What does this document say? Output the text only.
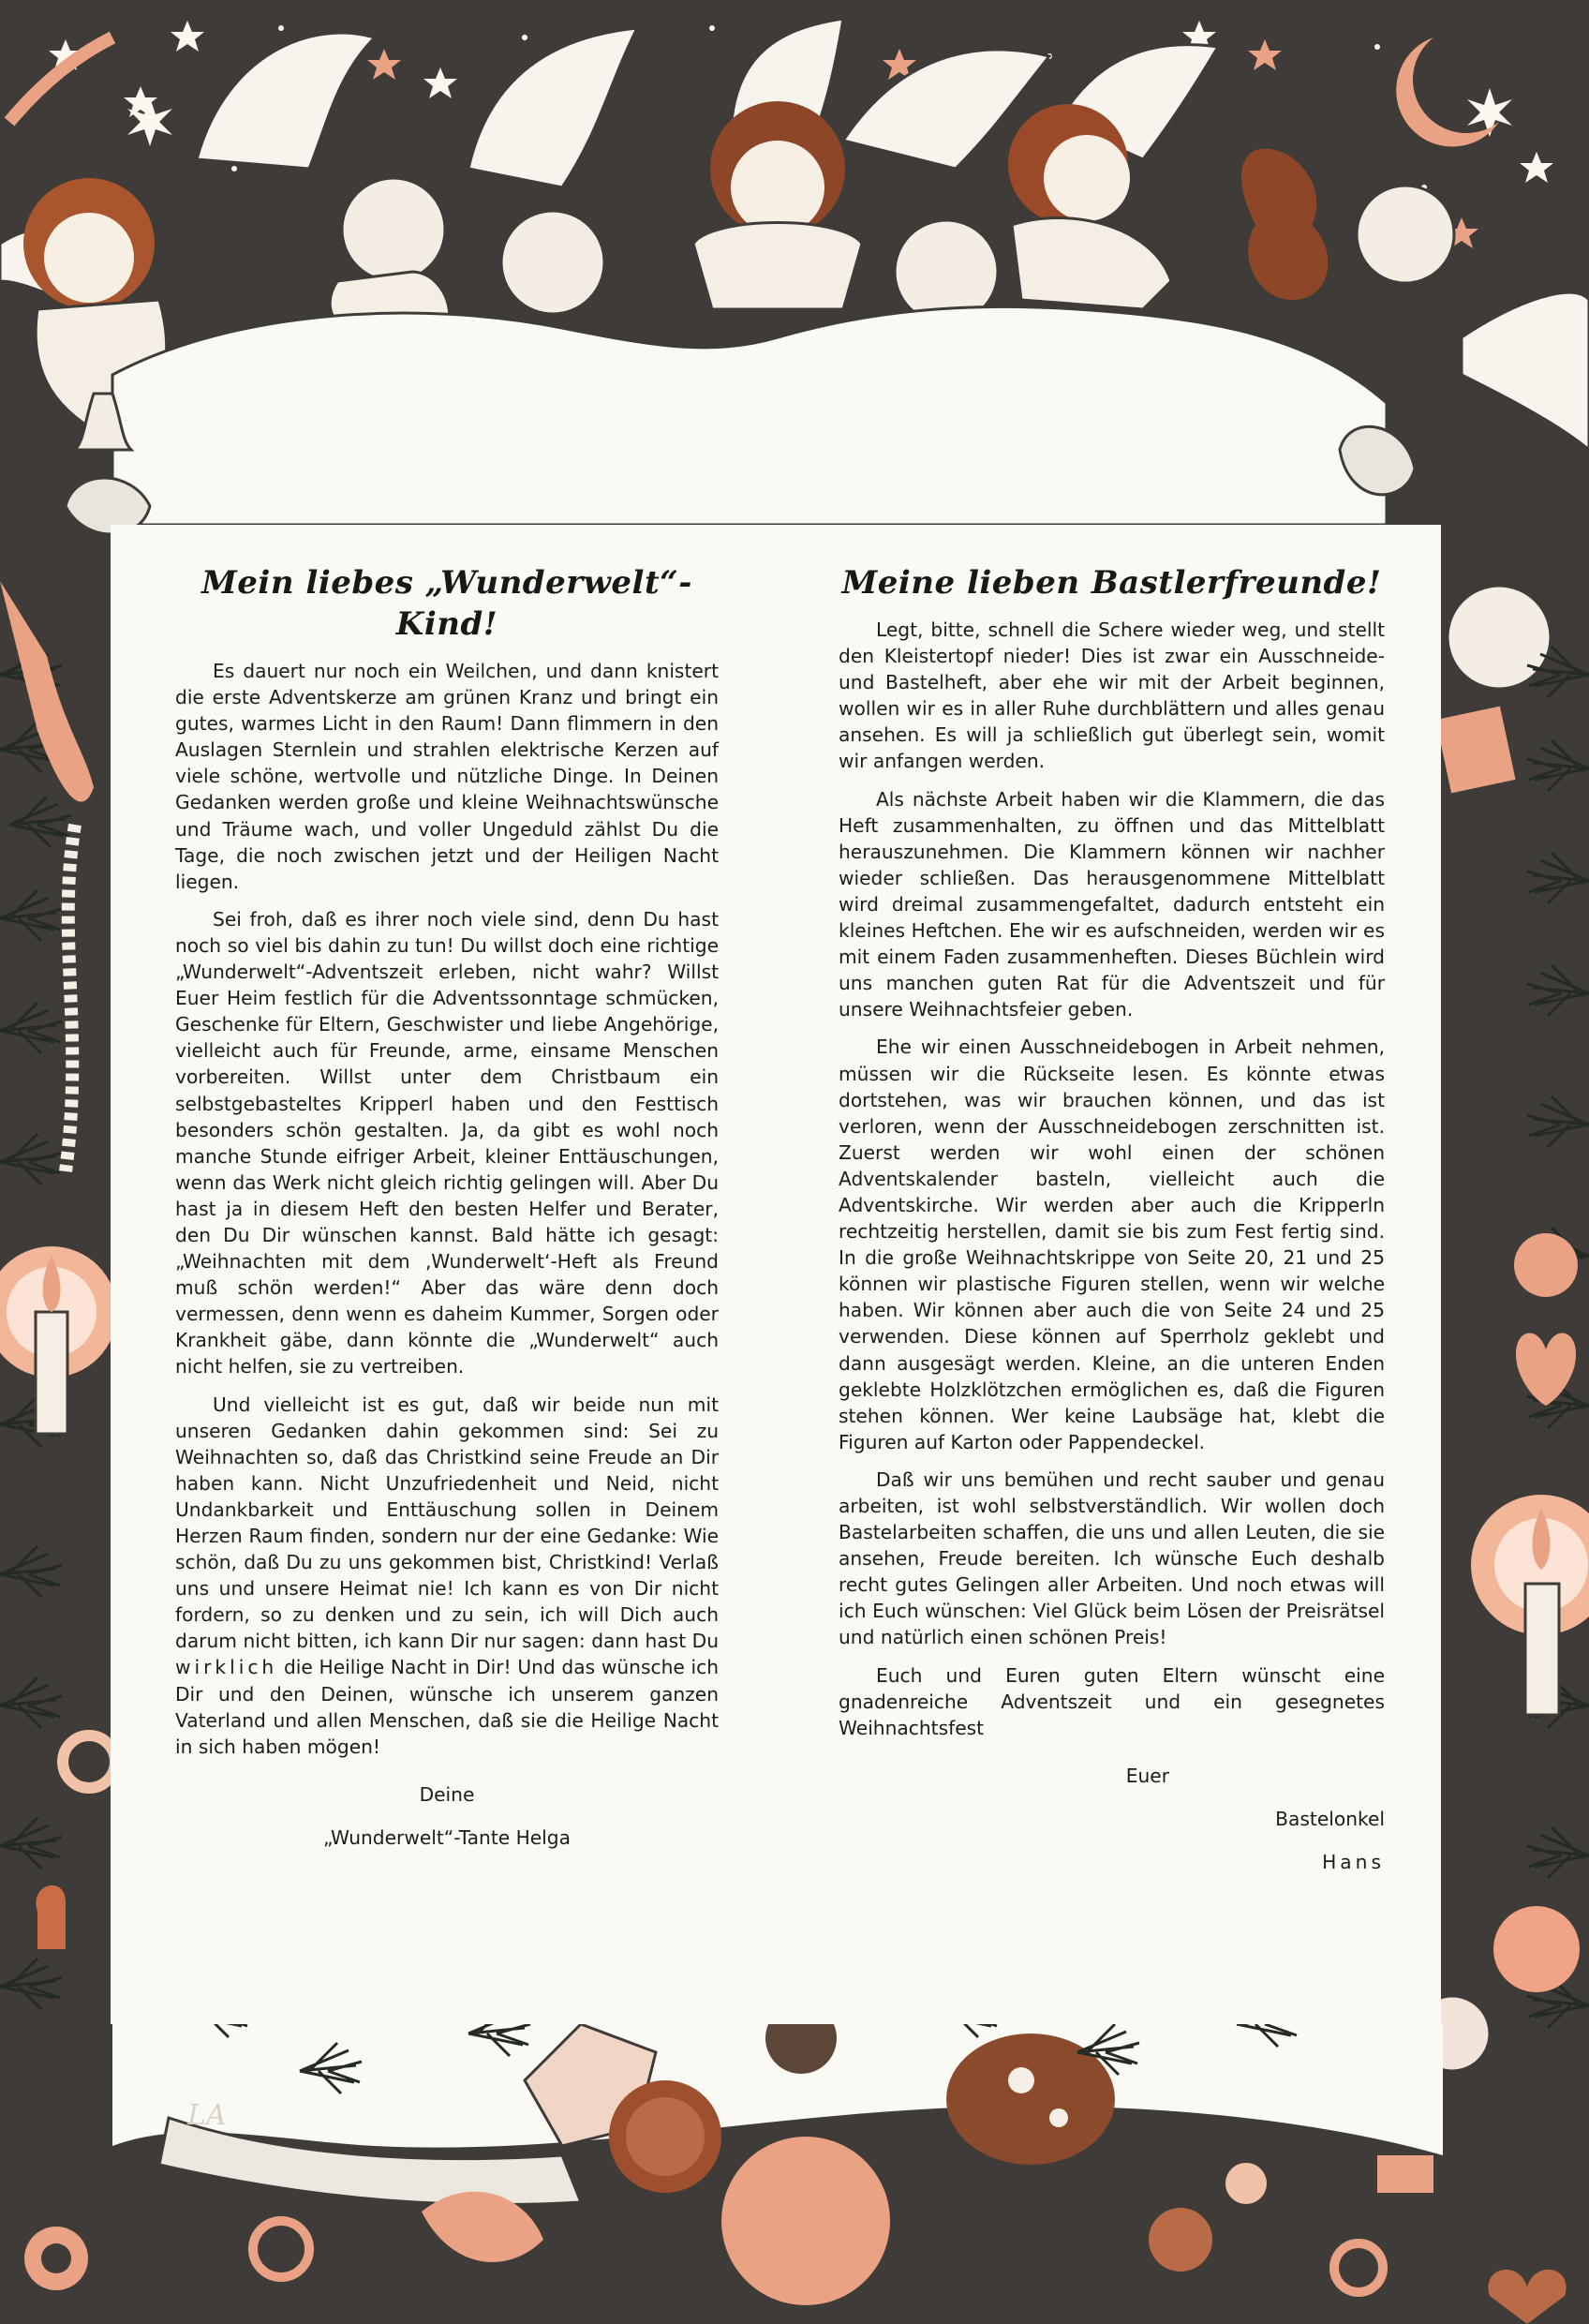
Mein liebes „Wunderwelt“-Kind!

Es dauert nur noch ein Weilchen, und dann knistert die erste Adventskerze am grünen Kranz und bringt ein gutes, warmes Licht in den Raum! Dann flimmern in den Auslagen Sternlein und strahlen elektrische Kerzen auf viele schöne, wertvolle und nützliche Dinge. In Deinen Gedanken werden große und kleine Weihnachtswünsche und Träume wach, und voller Ungeduld zählst Du die Tage, die noch zwischen jetzt und der Heiligen Nacht liegen.

Sei froh, daß es ihrer noch viele sind, denn Du hast noch so viel bis dahin zu tun! Du willst doch eine richtige „Wunderwelt“-Adventszeit erleben, nicht wahr? Willst Euer Heim festlich für die Adventssonntage schmücken, Geschenke für Eltern, Geschwister und liebe Angehörige, vielleicht auch für Freunde, arme, einsame Menschen vorbereiten. Willst unter dem Christbaum ein selbstgebasteltes Kripperl haben und den Festtisch besonders schön gestalten. Ja, da gibt es wohl noch manche Stunde eifriger Arbeit, kleiner Enttäuschungen, wenn das Werk nicht gleich richtig gelingen will. Aber Du hast ja in diesem Heft den besten Helfer und Berater, den Du Dir wünschen kannst. Bald hätte ich gesagt: „Weihnachten mit dem ‚Wunderwelt‘-Heft als Freund muß schön werden!“ Aber das wäre denn doch vermessen, denn wenn es daheim Kummer, Sorgen oder Krankheit gäbe, dann könnte die „Wunderwelt“ auch nicht helfen, sie zu vertreiben.

Und vielleicht ist es gut, daß wir beide nun mit unseren Gedanken dahin gekommen sind: Sei zu Weihnachten so, daß das Christkind seine Freude an Dir haben kann. Nicht Unzufriedenheit und Neid, nicht Undankbarkeit und Enttäuschung sollen in Deinem Herzen Raum finden, sondern nur der eine Gedanke: Wie schön, daß Du zu uns gekommen bist, Christkind! Verlaß uns und unsere Heimat nie! Ich kann es von Dir nicht fordern, so zu denken und zu sein, ich will Dich auch darum nicht bitten, ich kann Dir nur sagen: dann hast Du wirklich die Heilige Nacht in Dir! Und das wünsche ich Dir und den Deinen, wünsche ich unserem ganzen Vaterland und allen Menschen, daß sie die Heilige Nacht in sich haben mögen!

Deine
„Wunderwelt“-Tante Helga
Meine lieben Bastlerfreunde!

Legt, bitte, schnell die Schere wieder weg, und stellt den Kleistertopf nieder! Dies ist zwar ein Ausschneide- und Bastelheft, aber ehe wir mit der Arbeit beginnen, wollen wir es in aller Ruhe durchblättern und alles genau ansehen. Es will ja schließlich gut überlegt sein, womit wir anfangen werden.

Als nächste Arbeit haben wir die Klammern, die das Heft zusammenhalten, zu öffnen und das Mittelblatt herauszunehmen. Die Klammern können wir nachher wieder schließen. Das herausgenommene Mittelblatt wird dreimal zusammengefaltet, dadurch entsteht ein kleines Heftchen. Ehe wir es aufschneiden, werden wir es mit einem Faden zusammenheften. Dieses Büchlein wird uns manchen guten Rat für die Adventszeit und für unsere Weihnachtsfeier geben.

Ehe wir einen Ausschneidebogen in Arbeit nehmen, müssen wir die Rückseite lesen. Es könnte etwas dortstehen, was wir brauchen können, und das ist verloren, wenn der Ausschneidebogen zerschnitten ist. Zuerst werden wir wohl einen der schönen Adventskalender basteln, vielleicht auch die Adventskirche. Wir werden aber auch die Kripperln rechtzeitig herstellen, damit sie bis zum Fest fertig sind. In die große Weihnachtskrippe von Seite 20, 21 und 25 können wir plastische Figuren stellen, wenn wir welche haben. Wir können aber auch die von Seite 24 und 25 verwenden. Diese können auf Sperrholz geklebt und dann ausgesägt werden. Kleine, an die unteren Enden geklebte Holzklötzchen ermöglichen es, daß die Figuren stehen können. Wer keine Laubsäge hat, klebt die Figuren auf Karton oder Pappendeckel.

Daß wir uns bemühen und recht sauber und genau arbeiten, ist wohl selbstverständlich. Wir wollen doch Bastelarbeiten schaffen, die uns und allen Leuten, die sie ansehen, Freude bereiten. Ich wünsche Euch deshalb recht gutes Gelingen aller Arbeiten. Und noch etwas will ich Euch wünschen: Viel Glück beim Lösen der Preisrätsel und natürlich einen schönen Preis!

Euch und Euren guten Eltern wünscht eine gnadenreiche Adventszeit und ein gesegnetes Weihnachtsfest

Euer
Bastelonkel
Hans
LA
